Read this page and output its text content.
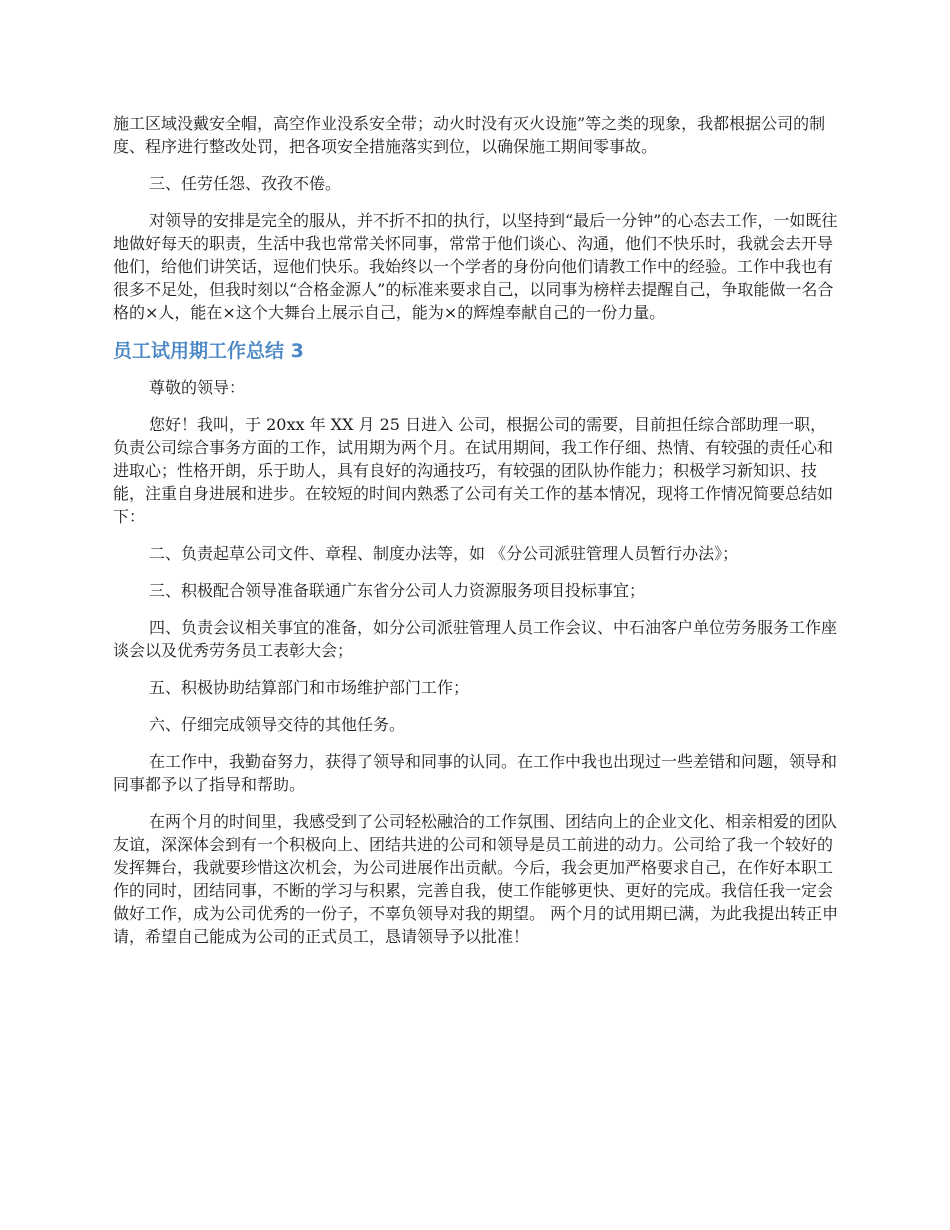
施工区域没戴安全帽，高空作业没系安全带；动火时没有灭火设施”等之类的现象，我都根据公司的制度、程序进行整改处罚，把各项安全措施落实到位，以确保施工期间零事故。

三、任劳任怨、孜孜不倦。

对领导的安排是完全的服从，并不折不扣的执行，以坚持到“最后一分钟”的心态去工作，一如既往地做好每天的职责，生活中我也常常关怀同事，常常于他们谈心、沟通，他们不快乐时，我就会去开导他们，给他们讲笑话，逗他们快乐。我始终以一个学者的身份向他们请教工作中的经验。工作中我也有很多不足处，但我时刻以“合格金源人”的标准来要求自己，以同事为榜样去提醒自己，争取能做一名合格的×人，能在×这个大舞台上展示自己，能为×的辉煌奉献自己的一份力量。

员工试用期工作总结 3

尊敬的领导：

您好！我叫，于 20xx 年 XX 月 25 日进入 公司，根据公司的需要，目前担任综合部助理一职，负责公司综合事务方面的工作，试用期为两个月。在试用期间，我工作仔细、热情、有较强的责任心和进取心；性格开朗，乐于助人，具有良好的沟通技巧，有较强的团队协作能力；积极学习新知识、技能，注重自身进展和进步。在较短的时间内熟悉了公司有关工作的基本情况，现将工作情况简要总结如下：

二、负责起草公司文件、章程、制度办法等，如 《分公司派驻管理人员暂行办法》；

三、积极配合领导准备联通广东省分公司人力资源服务项目投标事宜；

四、负责会议相关事宜的准备，如分公司派驻管理人员工作会议、中石油客户单位劳务服务工作座谈会以及优秀劳务员工表彰大会；

五、积极协助结算部门和市场维护部门工作；

六、仔细完成领导交待的其他任务。

在工作中，我勤奋努力，获得了领导和同事的认同。在工作中我也出现过一些差错和问题，领导和同事都予以了指导和帮助。

在两个月的时间里，我感受到了公司轻松融洽的工作氛围、团结向上的企业文化、相亲相爱的团队友谊，深深体会到有一个积极向上、团结共进的公司和领导是员工前进的动力。公司给了我一个较好的发挥舞台，我就要珍惜这次机会，为公司进展作出贡献。今后，我会更加严格要求自己，在作好本职工作的同时，团结同事，不断的学习与积累，完善自我，使工作能够更快、更好的完成。我信任我一定会做好工作，成为公司优秀的一份子，不辜负领导对我的期望。 两个月的试用期已满，为此我提出转正申请，希望自己能成为公司的正式员工，恳请领导予以批准！
